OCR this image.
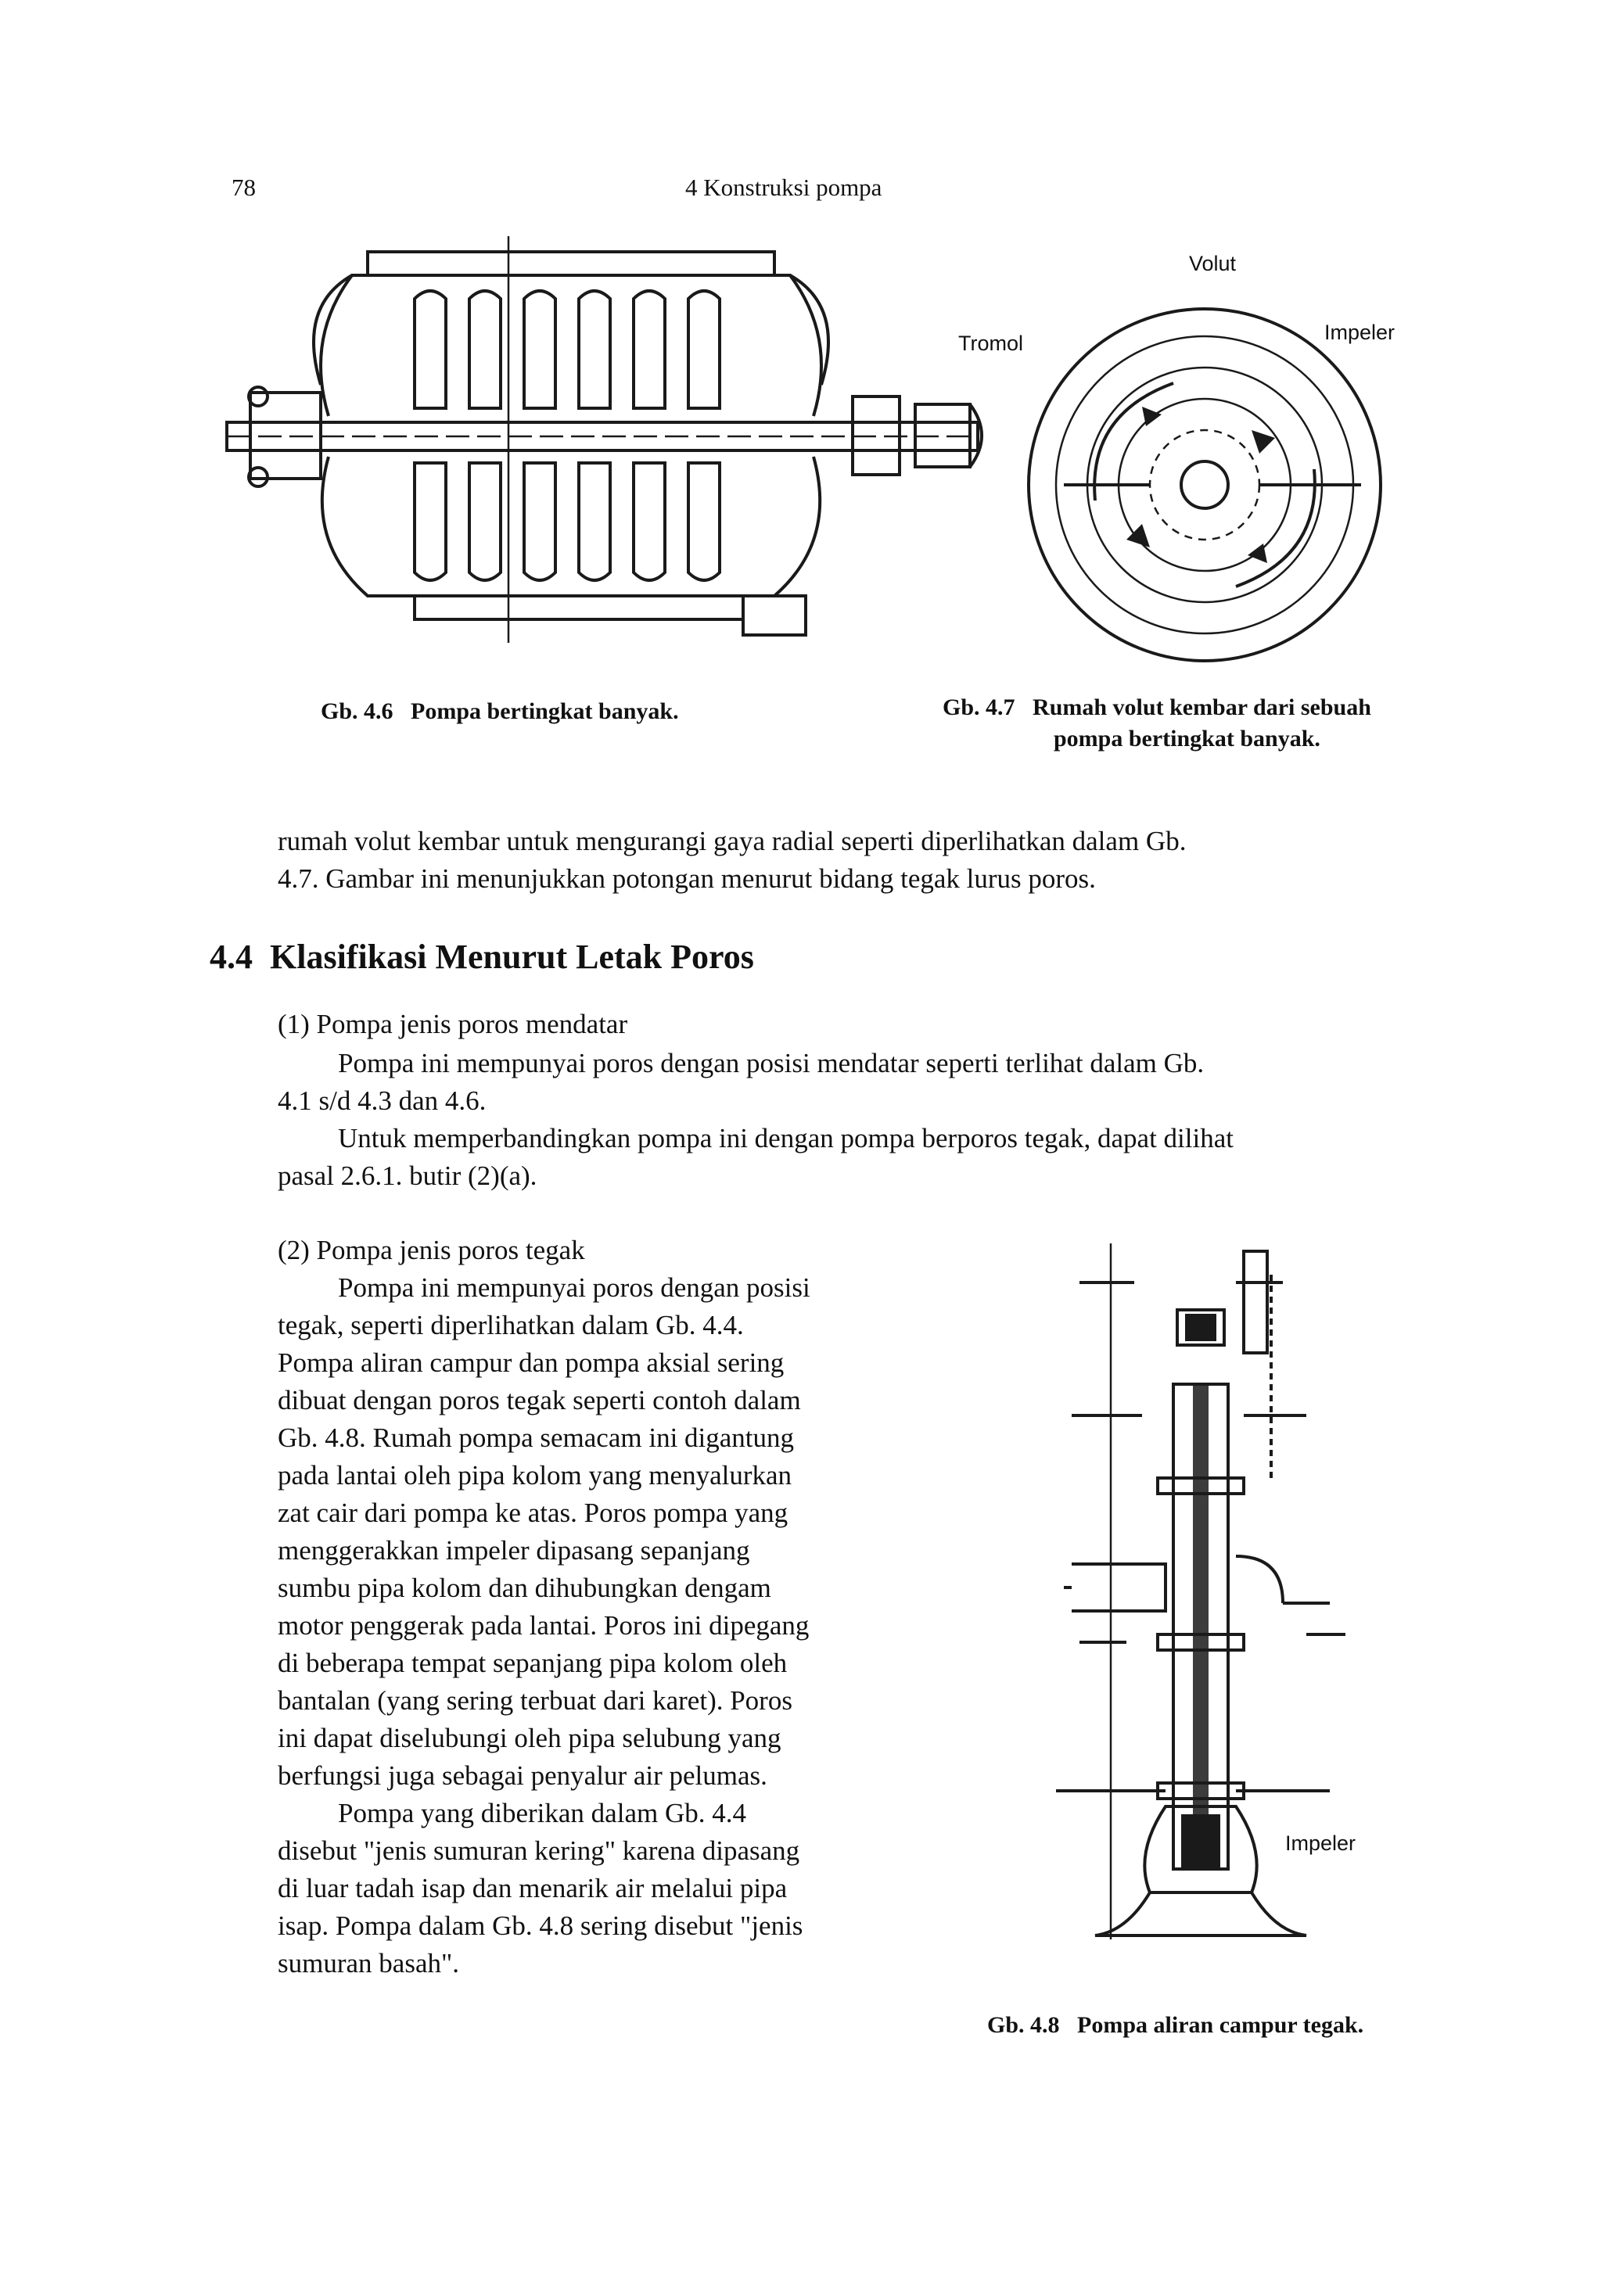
78	4 Konstruksi pompa
Volut
Tromol	Impeler
Gb. 4.6 Pompa bertingkat banyak.	Gb. 4.7 Rumah volut kembar dari sebuah
pompa bertingkat banyak.
rumah volut kembar untuk mengurangi gaya radial seperti diperlihatkan dalam Gb.
4.7. Gambar ini menunjukkan potongan menurut bidang tegak lurus poros.
4.4 Klasifikasi Menurut Letak Poros
(1) Pompa jenis poros mendatar
Pompa ini mempunyai poros dengan posisi mendatar seperti terlihat dalam Gb.
4.1 s/d 4.3 dan 4.6.
Untuk memperbandingkan pompa ini dengan pompa berporos tegak, dapat dilihat
pasal 2.6.1. butir (2)(a).
(2) Pompa jenis poros tegak
Pompa ini mempunyai poros dengan posisi
tegak, seperti diperlihatkan dalam Gb. 4.4.
Pompa aliran campur dan pompa aksial sering
dibuat dengan poros tegak seperti contoh dalam
Gb. 4.8. Rumah pompa semacam ini digantung
pada lantai oleh pipa kolom yang menyalurkan
zat cair dari pompa ke atas. Poros pompa yang
menggerakkan impeler dipasang sepanjang
sumbu pipa kolom dan dihubungkan dengam
motor penggerak pada lantai. Poros ini dipegang
di beberapa tempat sepanjang pipa kolom oleh
bantalan (yang sering terbuat dari karet). Poros
ini dapat diselubungi oleh pipa selubung yang
berfungsi juga sebagai penyalur air pelumas.
Pompa yang diberikan dalam Gb. 4.4
disebut "jenis sumuran kering" karena dipasang
di luar tadah isap dan menarik air melalui pipa
isap. Pompa dalam Gb. 4.8 sering disebut "jenis
sumuran basah".
Impeler
Gb. 4.8 Pompa aliran campur tegak.
